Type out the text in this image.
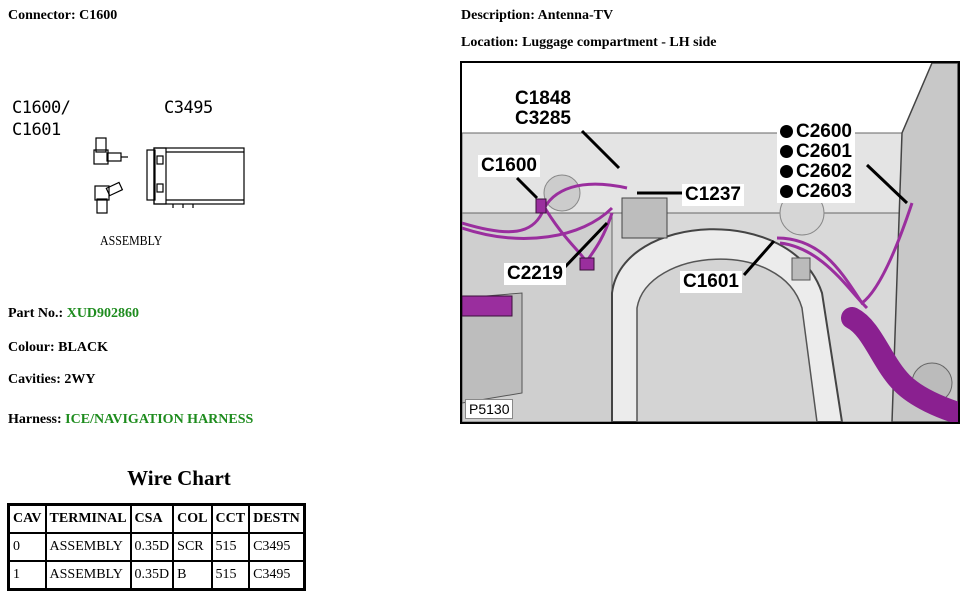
Connector: C1600	Description: Antenna-TV
Location: Luggage compartment - LH side
C1600/
C1601
C3495
ASSEMBLY
Part No.: XUD902860
Colour: BLACK
Cavities: 2WY
Harness: ICE/NAVIGATION HARNESS
C1848
C3285
C1600
C1237
C2219	C1601
C2600
C2601
C2602
C2603
P5130
Wire Chart
CAV	TERMINAL	CSA	COL	CCT	DESTN
0	ASSEMBLY	0.35D	SCR	515	C3495
1	ASSEMBLY	0.35D	B	515	C3495
